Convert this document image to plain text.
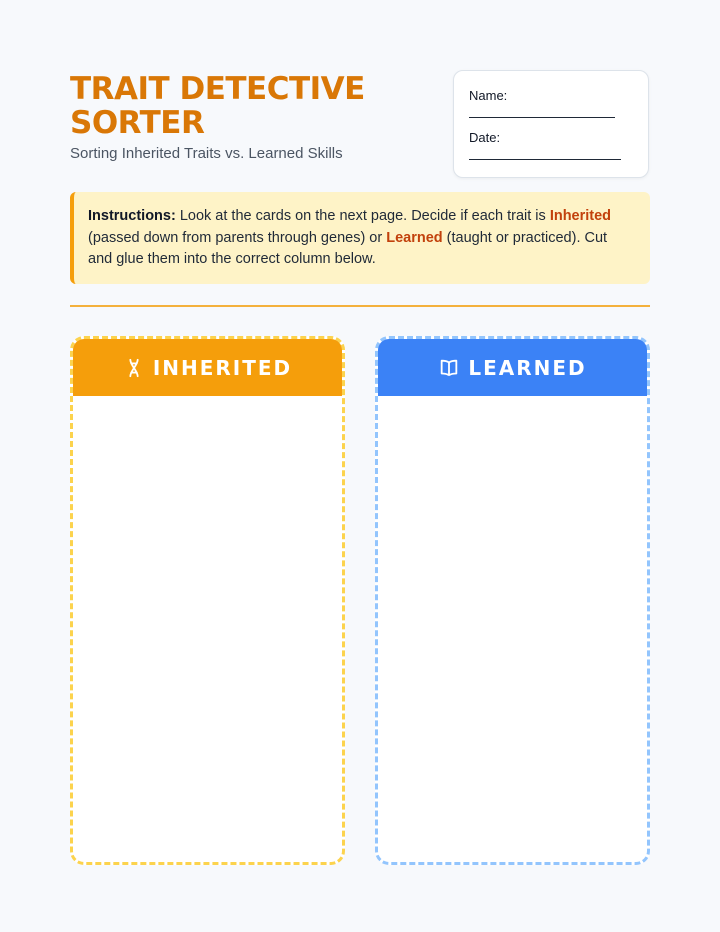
TRAIT DETECTIVE SORTER
Sorting Inherited Traits vs. Learned Skills
Name:
Date:
Instructions: Look at the cards on the next page. Decide if each trait is Inherited (passed down from parents through genes) or Learned (taught or practiced). Cut and glue them into the correct column below.
INHERITED	LEARNED
